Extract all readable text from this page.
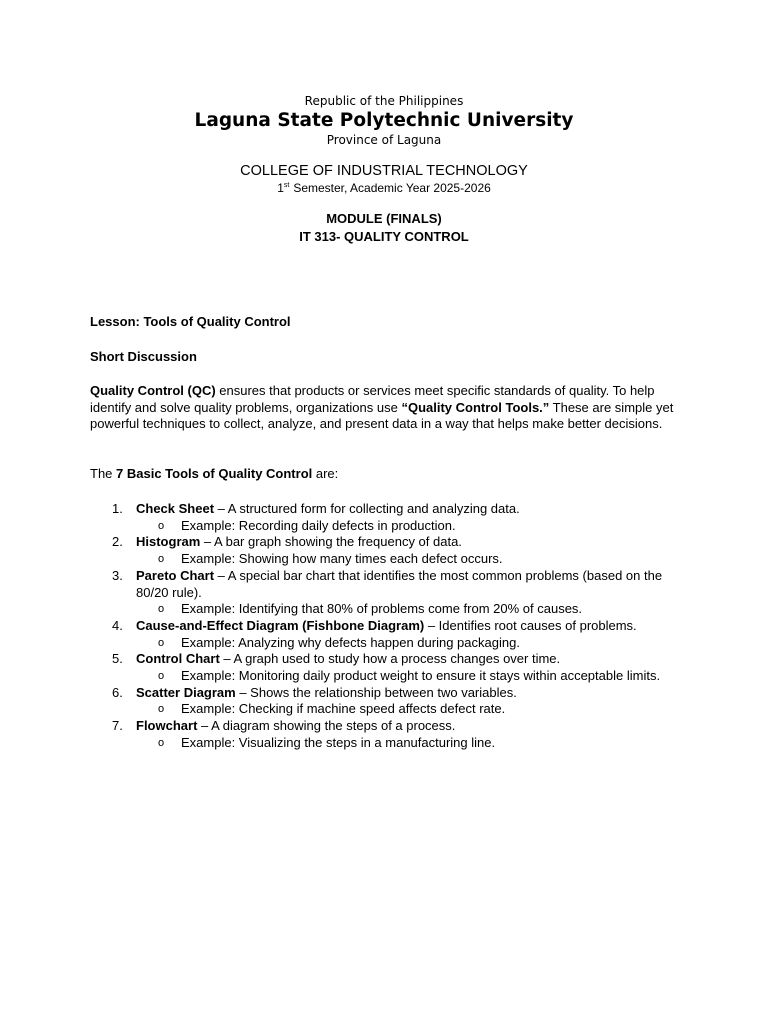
Republic of the Philippines
Laguna State Polytechnic University
Province of Laguna
COLLEGE OF INDUSTRIAL TECHNOLOGY
1st Semester, Academic Year 2025-2026
MODULE (FINALS)
IT 313- QUALITY CONTROL
Lesson: Tools of Quality Control
Short Discussion
Quality Control (QC) ensures that products or services meet specific standards of quality. To help identify and solve quality problems, organizations use “Quality Control Tools.” These are simple yet powerful techniques to collect, analyze, and present data in a way that helps make better decisions.
The 7 Basic Tools of Quality Control are:
1. Check Sheet – A structured form for collecting and analyzing data.
o Example: Recording daily defects in production.
2. Histogram – A bar graph showing the frequency of data.
o Example: Showing how many times each defect occurs.
3. Pareto Chart – A special bar chart that identifies the most common problems (based on the 80/20 rule).
o Example: Identifying that 80% of problems come from 20% of causes.
4. Cause-and-Effect Diagram (Fishbone Diagram) – Identifies root causes of problems.
o Example: Analyzing why defects happen during packaging.
5. Control Chart – A graph used to study how a process changes over time.
o Example: Monitoring daily product weight to ensure it stays within acceptable limits.
6. Scatter Diagram – Shows the relationship between two variables.
o Example: Checking if machine speed affects defect rate.
7. Flowchart – A diagram showing the steps of a process.
o Example: Visualizing the steps in a manufacturing line.
